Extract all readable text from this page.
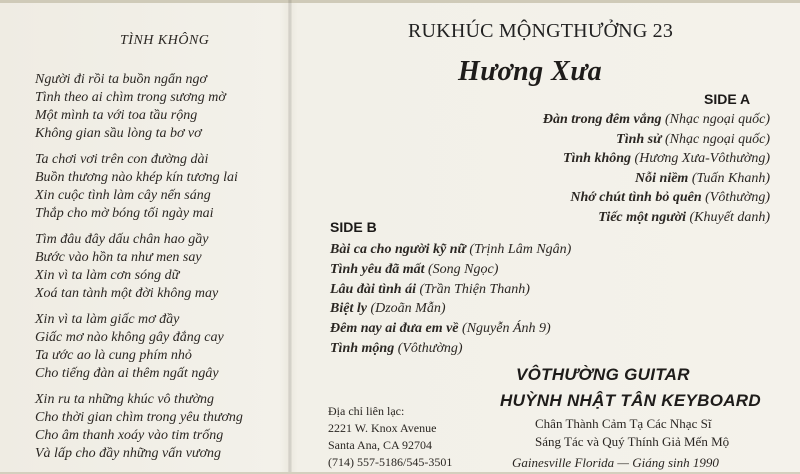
TÌNH KHÔNG
Người đi rồi ta buồn ngẩn ngơ
Tình theo ai chìm trong sương mờ
Một mình ta với toa tầu rộng
Không gian sầu lòng ta bơ vơ
Ta chơi vơi trên con đường dài
Buồn thương nào khép kín tương lai
Xin cuộc tình làm cây nến sáng
Thắp cho mờ bóng tối ngày mai
Tìm đâu đây dấu chân hao gầy
Bước vào hồn ta như men say
Xin vì ta làm cơn sóng dữ
Xoá tan tành một đời không may
Xin vì ta làm giấc mơ đầy
Giấc mơ nào không gây đắng cay
Ta ước ao là cung phím nhỏ
Cho tiếng đàn ai thêm ngất ngây
Xin ru ta những khúc vô thường
Cho thời gian chìm trong yêu thương
Cho âm thanh xoáy vào tim trống
Và lấp cho đầy những vấn vương
RUKHÚC MỘNGTHƯỞNG 23
Hương Xưa
SIDE A
Đàn trong đêm vắng (Nhạc ngoại quốc)
Tình sử (Nhạc ngoại quốc)
Tình không (Hương Xưa-Vôthường)
Nỗi niềm (Tuấn Khanh)
Nhớ chút tình bỏ quên (Vôthường)
Tiếc một người (Khuyết danh)
SIDE B
Bài ca cho người kỹ nữ (Trịnh Lâm Ngân)
Tình yêu đã mất (Song Ngọc)
Lâu đài tình ái (Trần Thiện Thanh)
Biệt ly (Dzoãn Mẫn)
Đêm nay ai đưa em về (Nguyễn Ánh 9)
Tình mộng (Vôthường)
Địa chỉ liên lạc:
2221 W. Knox Avenue
Santa Ana, CA 92704
(714) 557-5186/545-3501
VÔTHƯỜNG GUITAR
HUỲNH NHẬT TÂN KEYBOARD
Chân Thành Cảm Tạ Các Nhạc Sĩ
Sáng Tác và Quý Thính Giả Mến Mộ
Gainesville Florida — Giáng sinh 1990
